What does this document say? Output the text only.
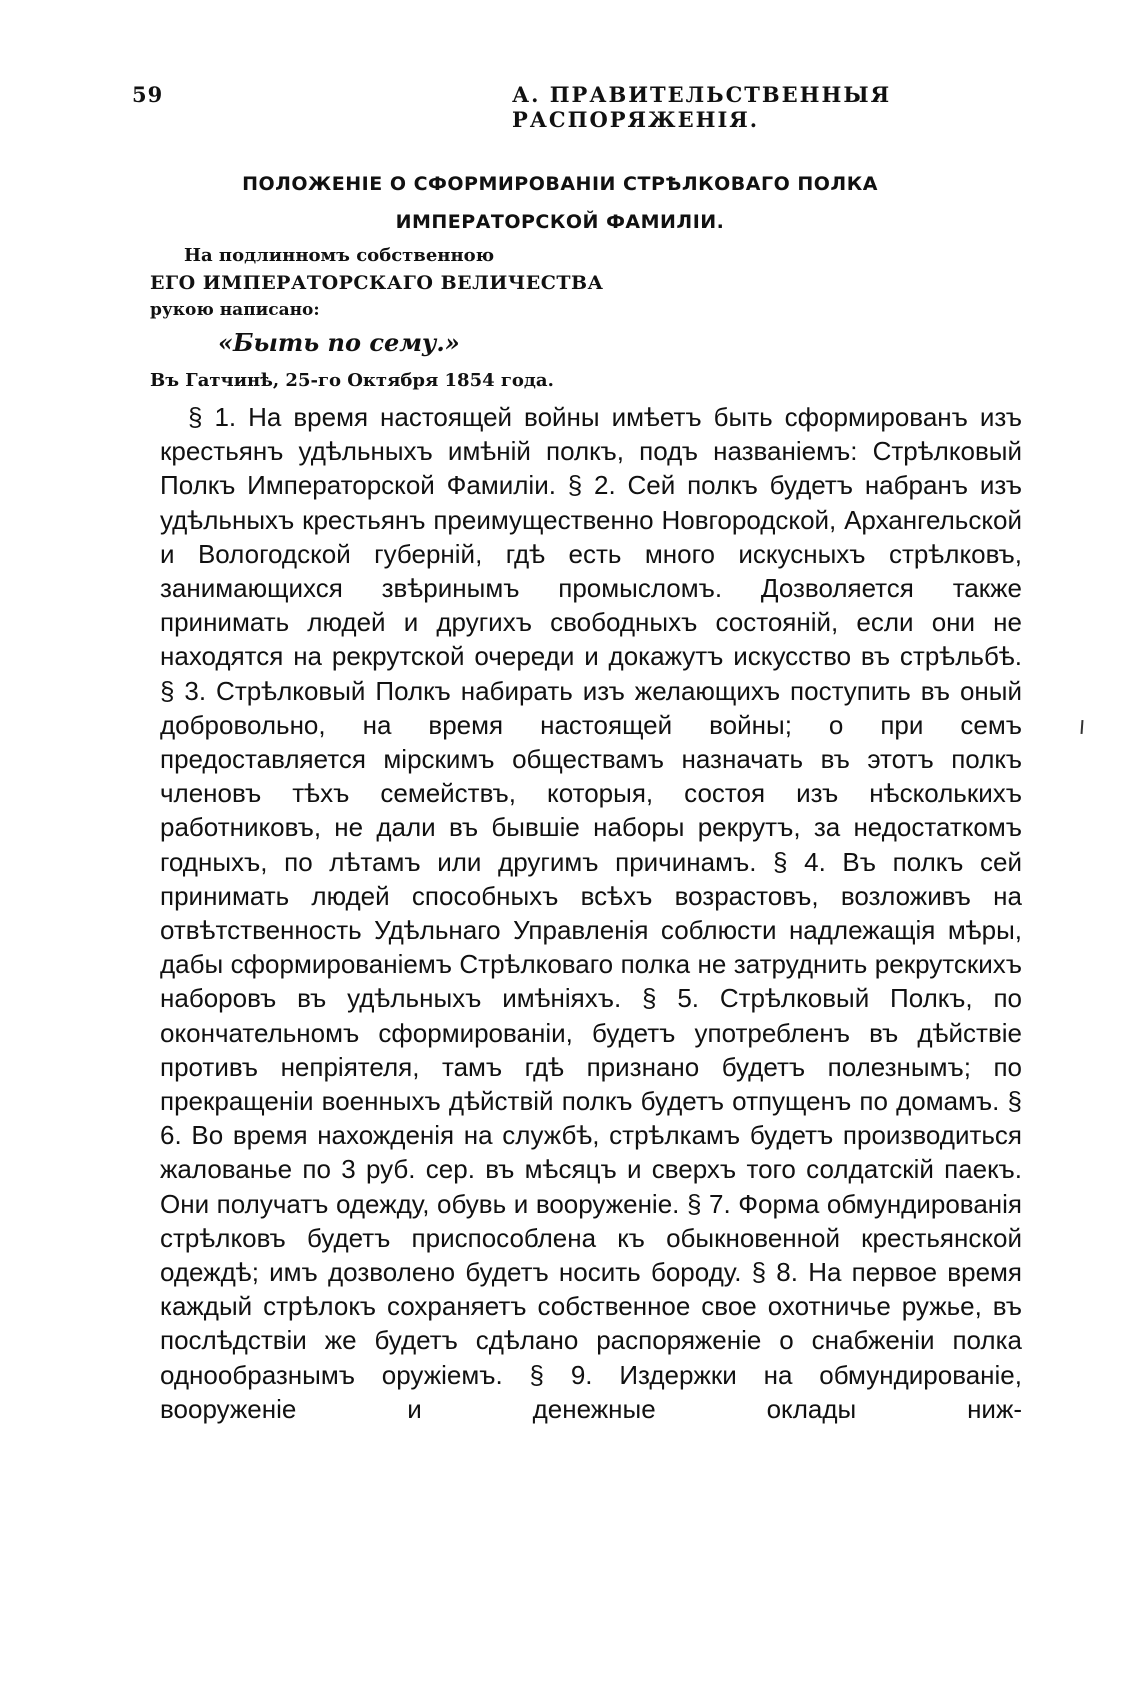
59	А. ПРАВИТЕЛЬСТВЕННЫЯ РАСПОРЯЖЕНІЯ.
ПОЛОЖЕНІЕ О СФОРМИРОВАНІИ СТРѢЛКОВАГО ПОЛКА ИМПЕРАТОРСКОЙ ФАМИЛІИ.
На подлинномъ собственною
ЕГО ИМПЕРАТОРСКАГО ВЕЛИЧЕСТВА
рукою написано:
«Быть по сему.»
Въ Гатчинѣ, 25-го Октября 1854 года.

§ 1. На время настоящей войны имѣетъ быть сформированъ изъ крестьянъ удѣльныхъ имѣній полкъ, подъ названіемъ: Стрѣлковый Полкъ Императорской Фамиліи. § 2. Сей полкъ будетъ набранъ изъ удѣльныхъ крестьянъ преимущественно Новгородской, Архангельской и Вологодской губерній, гдѣ есть много искусныхъ стрѣлковъ, занимающихся звѣринымъ промысломъ. Дозволяется также принимать людей и другихъ свободныхъ состояній, если они не находятся на рекрутской очереди и докажутъ искусство въ стрѣльбѣ. § 3. Стрѣлковый Полкъ набирать изъ желающихъ поступить въ оный добровольно, на время настоящей войны; о при семъ предоставляется мірскимъ обществамъ назначать въ этотъ полкъ членовъ тѣхъ семействъ, которыя, состоя изъ нѣсколькихъ работниковъ, не дали въ бывшіе наборы рекрутъ, за недостаткомъ годныхъ, по лѣтамъ или другимъ причинамъ. § 4. Въ полкъ сей принимать людей способныхъ всѣхъ возрастовъ, возложивъ на отвѣтственность Удѣльнаго Управленія соблюсти надлежащія мѣры, дабы сформированіемъ Стрѣлковаго полка не затруднить рекрутскихъ наборовъ въ удѣльныхъ имѣніяхъ. § 5. Стрѣлковый Полкъ, по окончательномъ сформированіи, будетъ употребленъ въ дѣйствіе противъ непріятеля, тамъ гдѣ признано будетъ полезнымъ; по прекращеніи военныхъ дѣйствій полкъ будетъ отпущенъ по домамъ. § 6. Во время нахожденія на службѣ, стрѣлкамъ будетъ производиться жалованье по 3 руб. сер. въ мѣсяцъ и сверхъ того солдатскій паекъ. Они получатъ одежду, обувь и вооруженіе. § 7. Форма обмундированія стрѣлковъ будетъ приспособлена къ обыкновенной крестьянской одеждѣ; имъ дозволено будетъ носить бороду. § 8. На первое время каждый стрѣлокъ сохраняетъ собственное свое охотничье ружье, въ послѣдствіи же будетъ сдѣлано распоряженіе о снабженіи полка однообразнымъ оружіемъ. § 9. Издержки на обмундированіе, вооруженіе и денежные оклады ниж-
